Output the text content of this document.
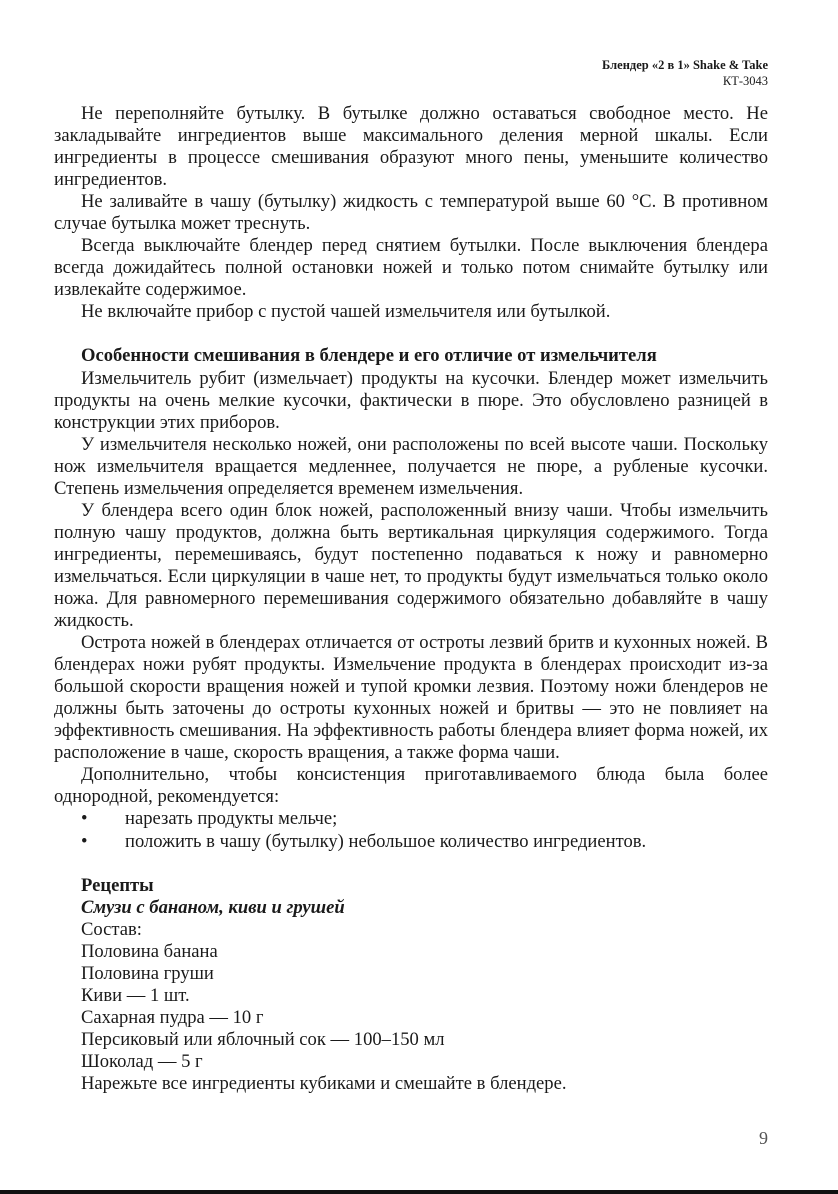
Блендер «2 в 1» Shake & Take
КТ-3043

Не переполняйте бутылку. В бутылке должно оставаться свободное место. Не закладывайте ингредиентов выше максимального деления мерной шкалы. Если ингредиенты в процессе смешивания образуют много пены, уменьшите количество ингредиентов.

Не заливайте в чашу (бутылку) жидкость с температурой выше 60 °С. В противном случае бутылка может треснуть.

Всегда выключайте блендер перед снятием бутылки. После выключения блендера всегда дожидайтесь полной остановки ножей и только потом снимайте бутылку или извлекайте содержимое.

Не включайте прибор с пустой чашей измельчителя или бутылкой.

Особенности смешивания в блендере и его отличие от измельчителя

Измельчитель рубит (измельчает) продукты на кусочки. Блендер может измельчить продукты на очень мелкие кусочки, фактически в пюре. Это обусловлено разницей в конструкции этих приборов.

У измельчителя несколько ножей, они расположены по всей высоте чаши. Поскольку нож измельчителя вращается медленнее, получается не пюре, а рубленые кусочки. Степень измельчения определяется временем измельчения.

У блендера всего один блок ножей, расположенный внизу чаши. Чтобы измельчить полную чашу продуктов, должна быть вертикальная циркуляция содержимого. Тогда ингредиенты, перемешиваясь, будут постепенно подаваться к ножу и равномерно измельчаться. Если циркуляции в чаше нет, то продукты будут измельчаться только около ножа. Для равномерного перемешивания содержимого обязательно добавляйте в чашу жидкость.

Острота ножей в блендерах отличается от остроты лезвий бритв и кухонных ножей. В блендерах ножи рубят продукты. Измельчение продукта в блендерах происходит из-за большой скорости вращения ножей и тупой кромки лезвия. Поэтому ножи блендеров не должны быть заточены до остроты кухонных ножей и бритвы — это не повлияет на эффективность смешивания. На эффективность работы блендера влияет форма ножей, их расположение в чаше, скорость вращения, а также форма чаши.

Дополнительно, чтобы консистенция приготавливаемого блюда была более однородной, рекомендуется:

• нарезать продукты мельче;
• положить в чашу (бутылку) небольшое количество ингредиентов.
Рецепты
Смузи с бананом, киви и грушей
Состав:
Половина банана
Половина груши
Киви — 1 шт.
Сахарная пудра — 10 г
Персиковый или яблочный сок — 100–150 мл
Шоколад — 5 г
Нарежьте все ингредиенты кубиками и смешайте в блендере.
9
